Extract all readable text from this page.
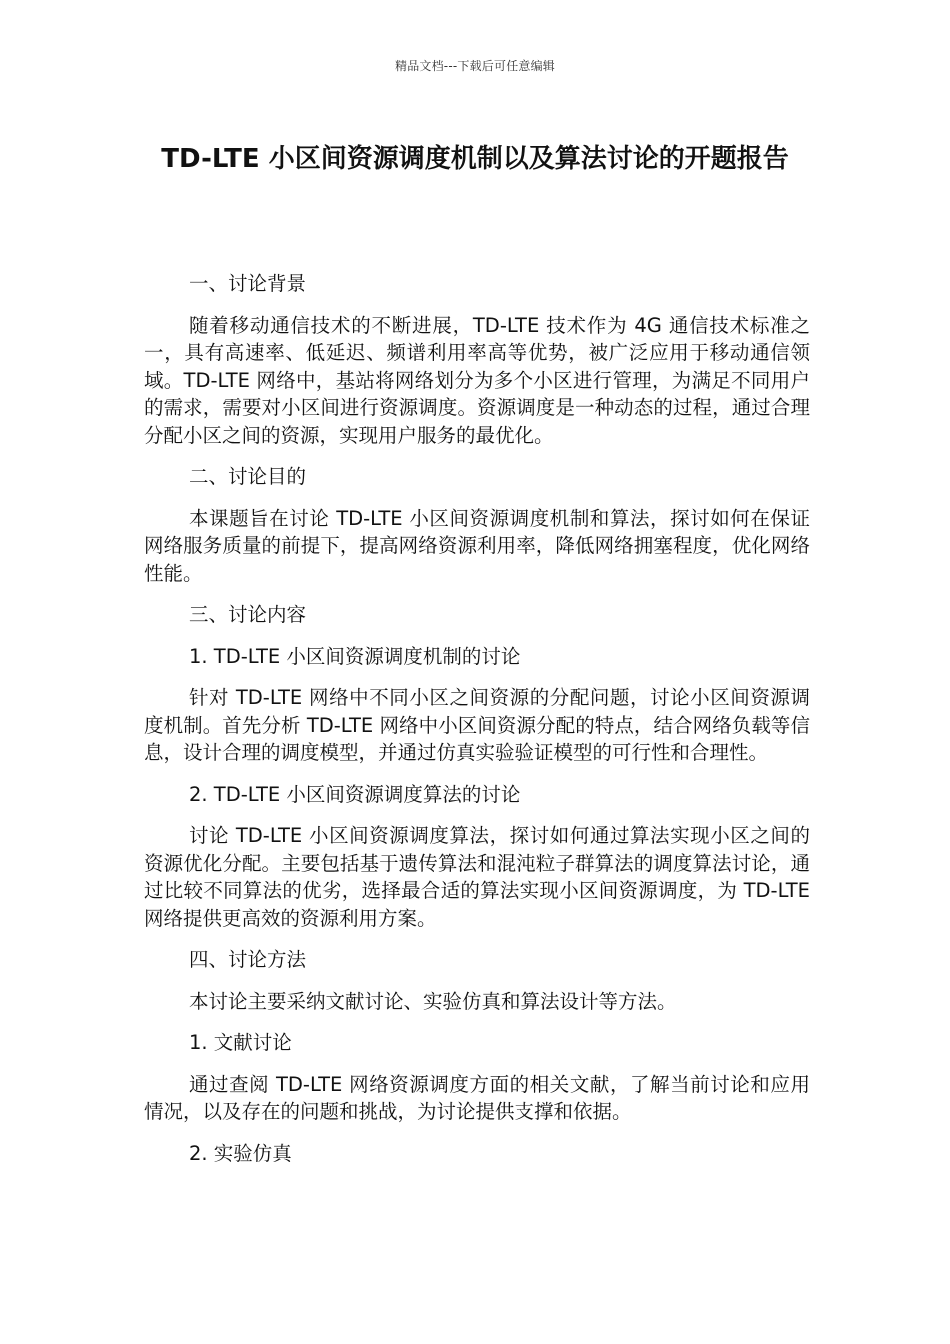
精品文档---下载后可任意编辑
TD-LTE 小区间资源调度机制以及算法讨论的开题报告

一、讨论背景

随着移动通信技术的不断进展，TD-LTE 技术作为 4G 通信技术标准之一，具有高速率、低延迟、频谱利用率高等优势，被广泛应用于移动通信领域。TD-LTE 网络中，基站将网络划分为多个小区进行管理，为满足不同用户的需求，需要对小区间进行资源调度。资源调度是一种动态的过程，通过合理分配小区之间的资源，实现用户服务的最优化。

二、讨论目的

本课题旨在讨论 TD-LTE 小区间资源调度机制和算法，探讨如何在保证网络服务质量的前提下，提高网络资源利用率，降低网络拥塞程度，优化网络性能。

三、讨论内容

1. TD-LTE 小区间资源调度机制的讨论

针对 TD-LTE 网络中不同小区之间资源的分配问题，讨论小区间资源调度机制。首先分析 TD-LTE 网络中小区间资源分配的特点，结合网络负载等信息，设计合理的调度模型，并通过仿真实验验证模型的可行性和合理性。

2. TD-LTE 小区间资源调度算法的讨论

讨论 TD-LTE 小区间资源调度算法，探讨如何通过算法实现小区之间的资源优化分配。主要包括基于遗传算法和混沌粒子群算法的调度算法讨论，通过比较不同算法的优劣，选择最合适的算法实现小区间资源调度，为 TD-LTE 网络提供更高效的资源利用方案。

四、讨论方法

本讨论主要采纳文献讨论、实验仿真和算法设计等方法。

1. 文献讨论

通过查阅 TD-LTE 网络资源调度方面的相关文献，了解当前讨论和应用情况，以及存在的问题和挑战，为讨论提供支撑和依据。

2. 实验仿真
